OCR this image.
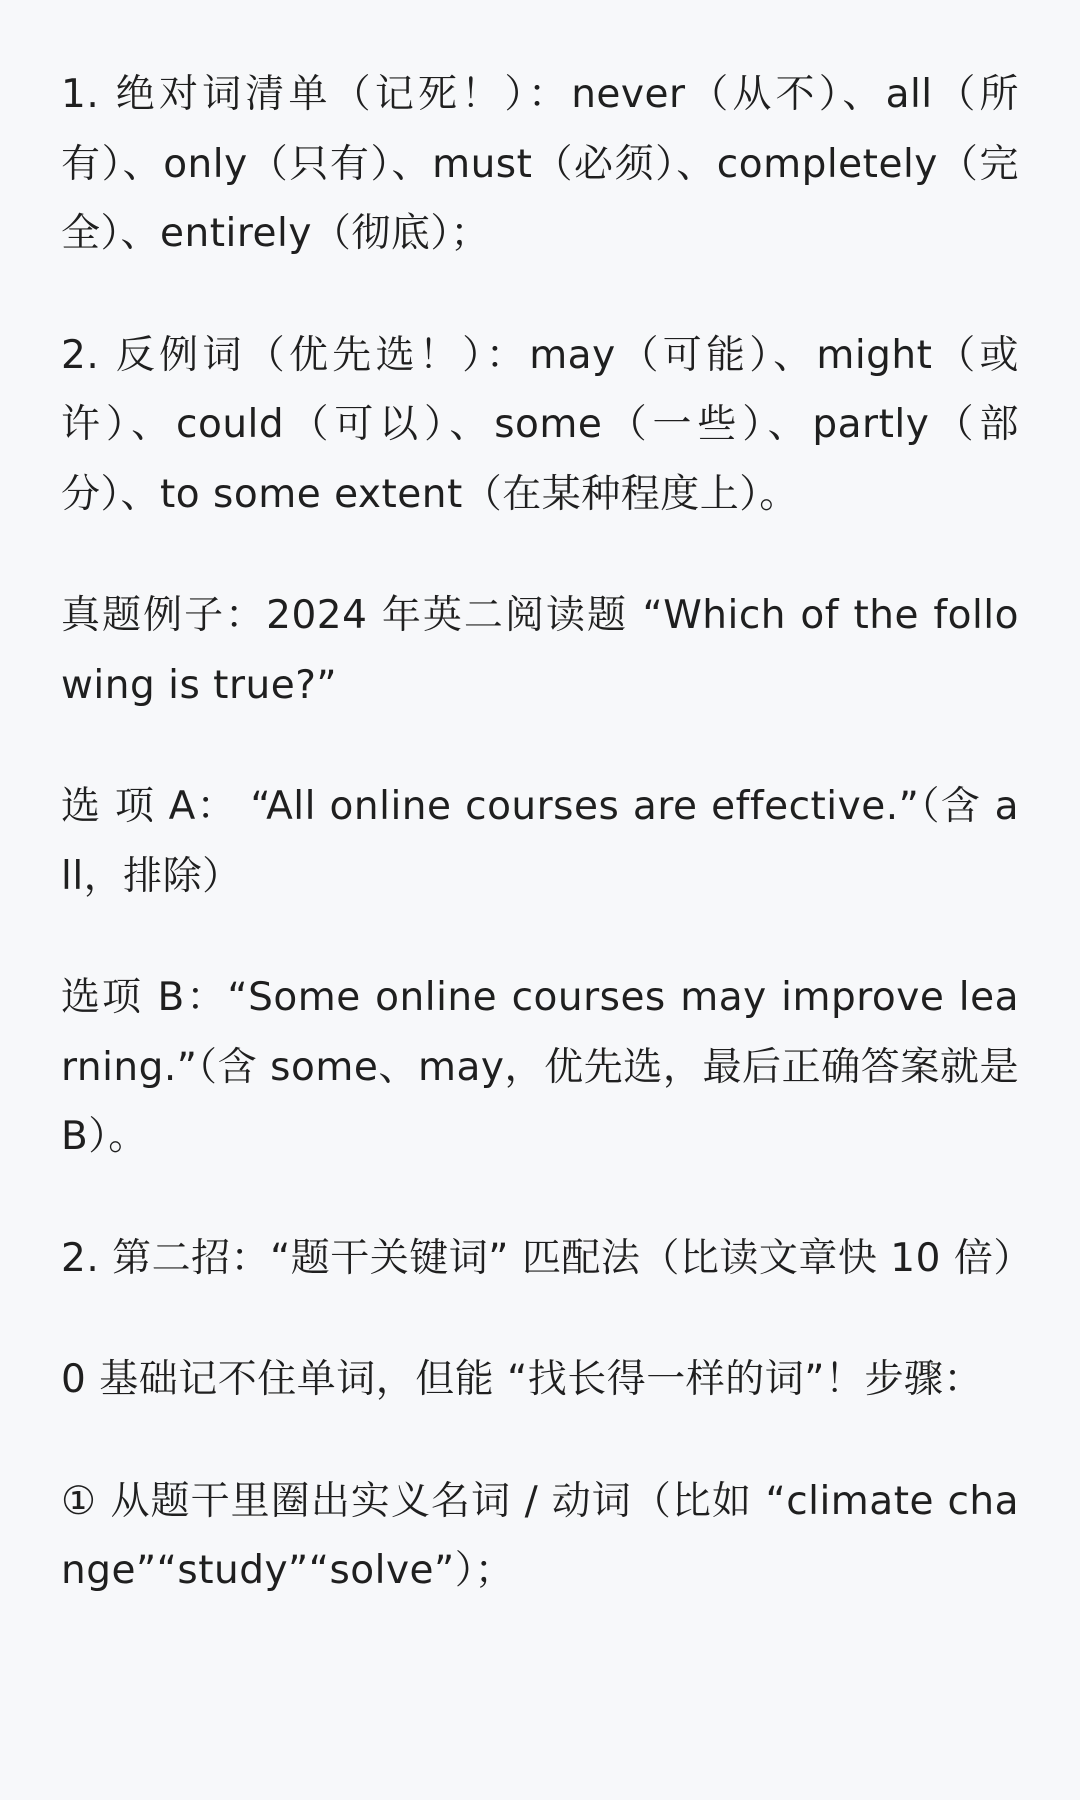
1. 绝对词清单（记死！）：never（从不）、all（所有）、only（只有）、must（必须）、completely（完全）、entirely（彻底）；

2. 反例词（优先选！）：may（可能）、might（或许）、could（可以）、some（一些）、partly（部分）、to some extent（在某种程度上）。

真题例子：2024 年英二阅读题 “Which of the following is true?”

选 项 A： “All online courses are effective.”（含 all，排除）

选项 B：“Some online courses may improve learning.”（含 some、may，优先选，最后正确答案就是 B）。

2. 第二招：“题干关键词” 匹配法（比读文章快 10 倍）

0 基础记不住单词，但能 “找长得一样的词”！步骤：

① 从题干里圈出实义名词 / 动词（比如 “climate change”“study”“solve”）；
